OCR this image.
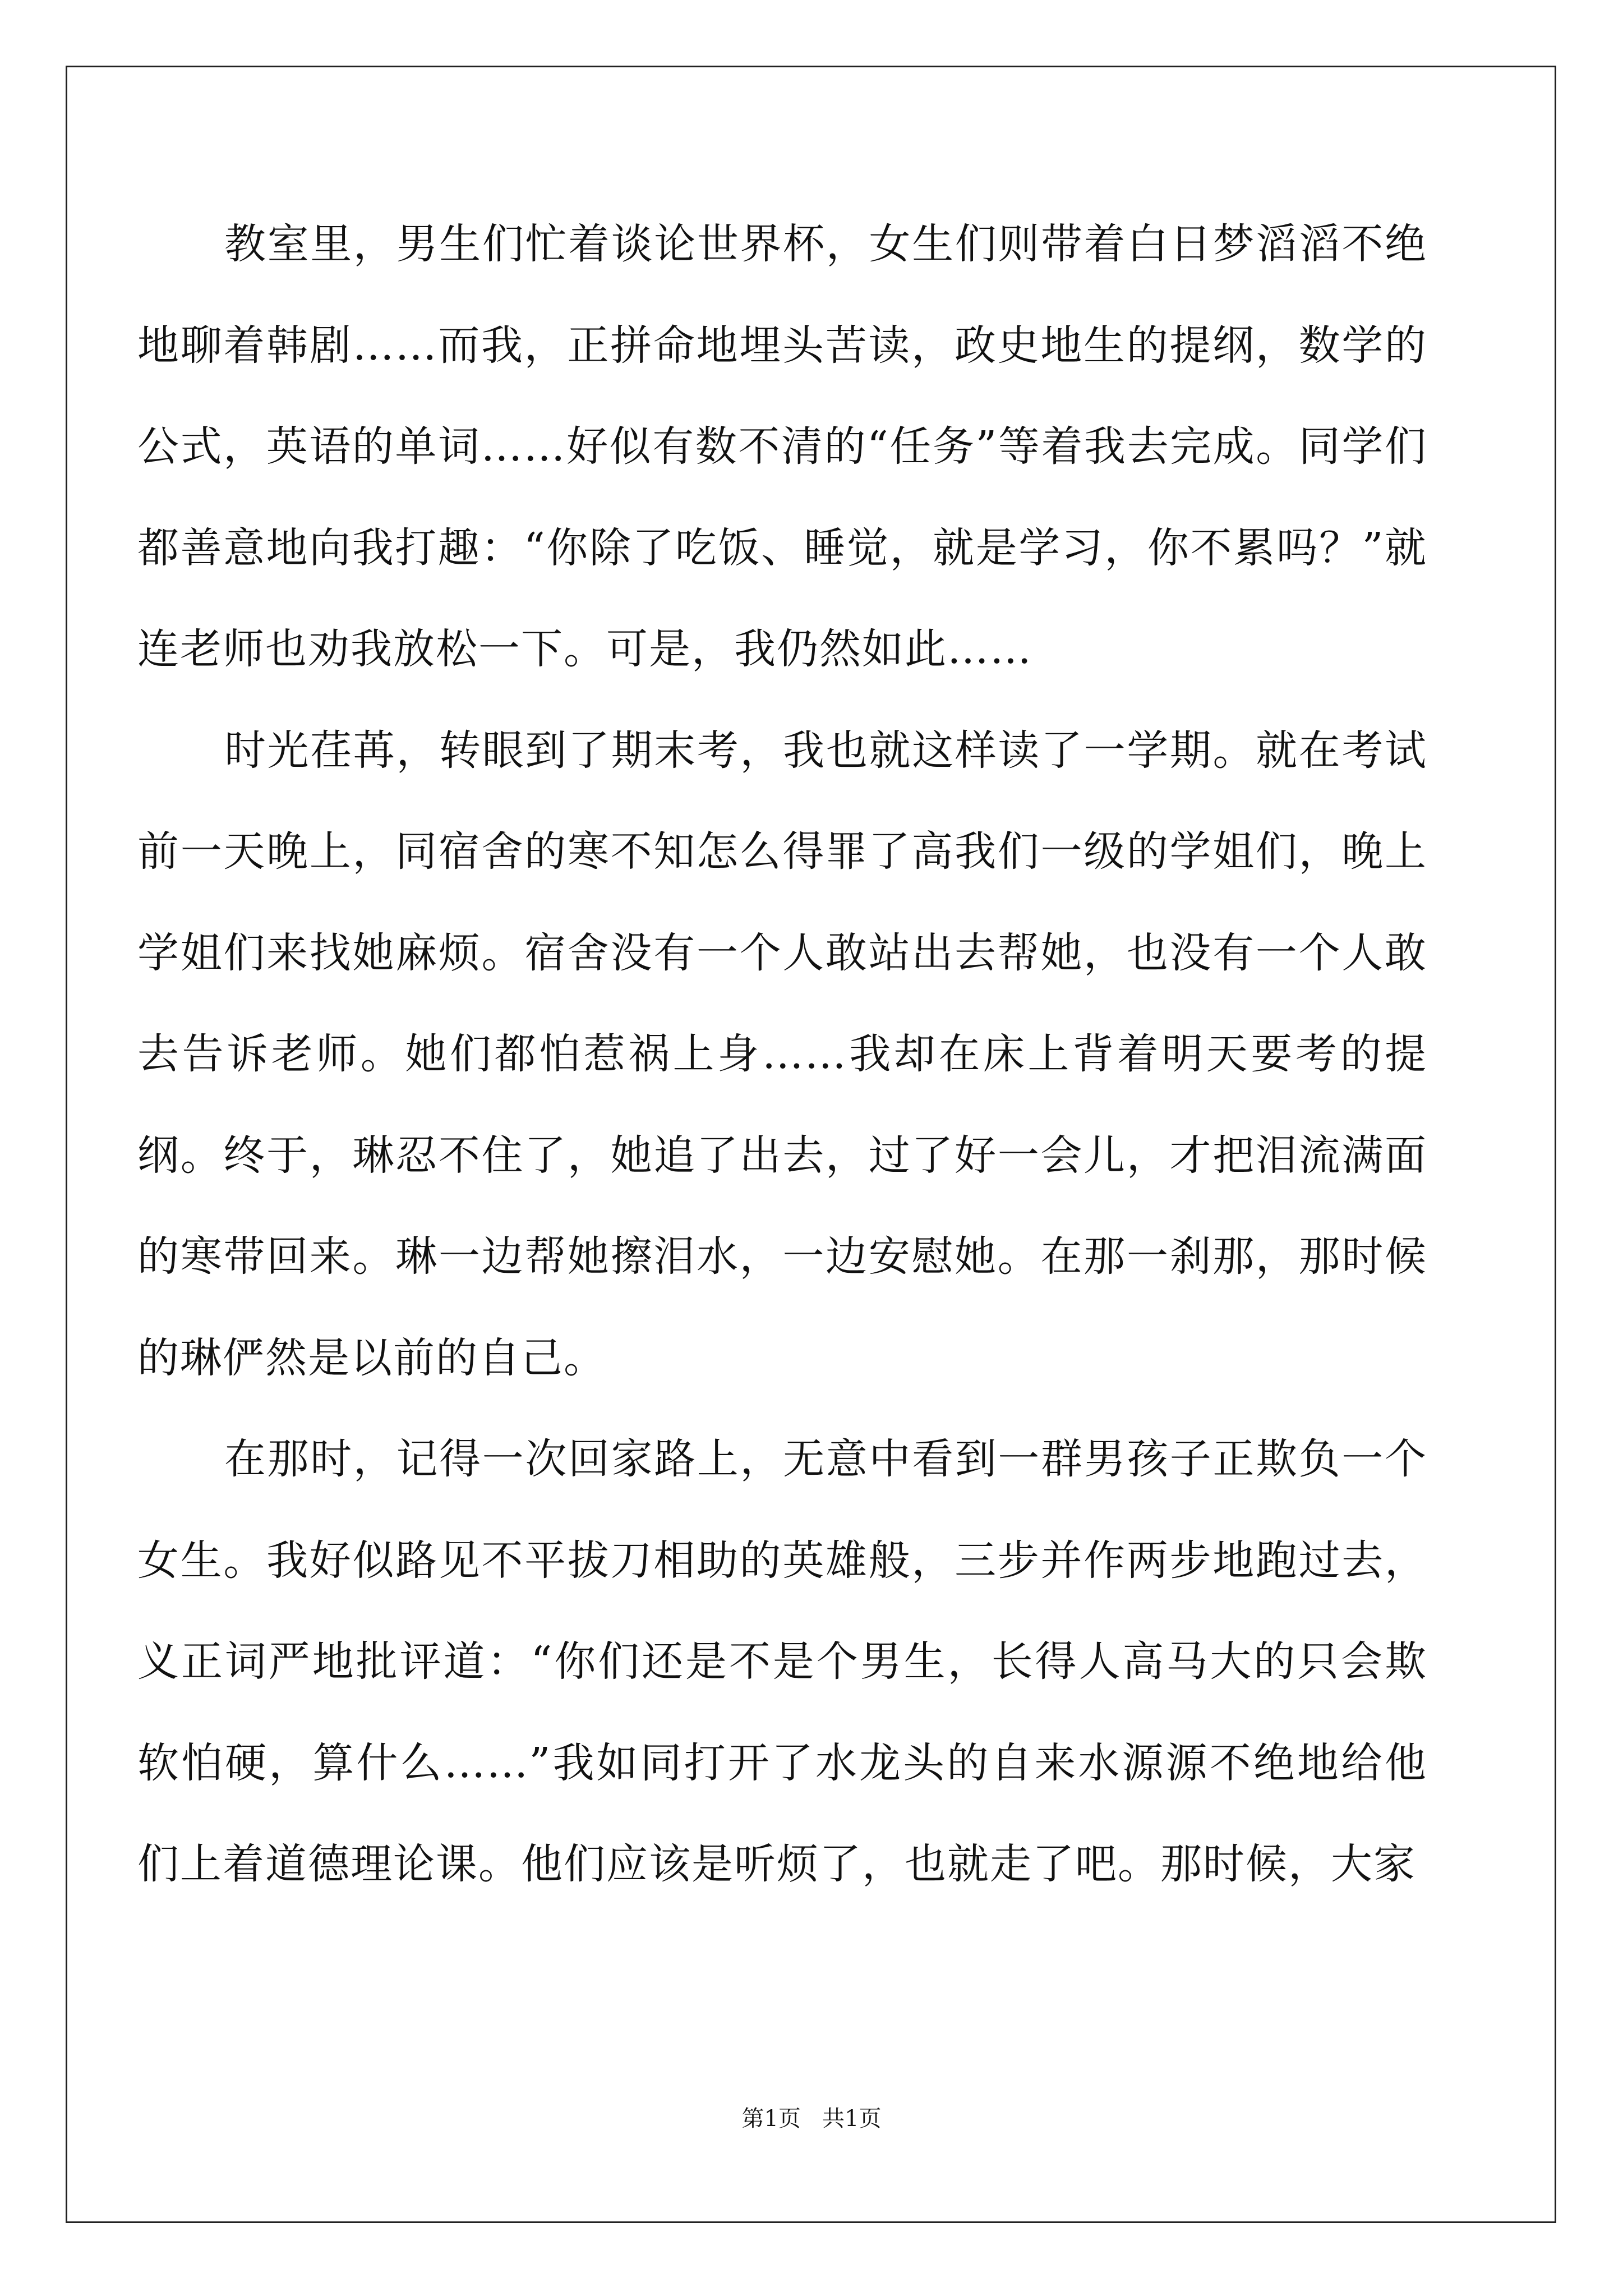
教室里，男生们忙着谈论世界杯，女生们则带着白日梦滔滔不绝地聊着韩剧……而我，正拼命地埋头苦读，政史地生的提纲，数学的公式，英语的单词……好似有数不清的“任务”等着我去完成。同学们都善意地向我打趣：“你除了吃饭、睡觉，就是学习，你不累吗？”就连老师也劝我放松一下。可是，我仍然如此……

时光荏苒，转眼到了期末考，我也就这样读了一学期。就在考试前一天晚上，同宿舍的寒不知怎么得罪了高我们一级的学姐们，晚上学姐们来找她麻烦。宿舍没有一个人敢站出去帮她，也没有一个人敢去告诉老师。她们都怕惹祸上身……我却在床上背着明天要考的提纲。终于，琳忍不住了，她追了出去，过了好一会儿，才把泪流满面的寒带回来。琳一边帮她擦泪水，一边安慰她。在那一刹那，那时候的琳俨然是以前的自己。

在那时，记得一次回家路上，无意中看到一群男孩子正欺负一个女生。我好似路见不平拔刀相助的英雄般，三步并作两步地跑过去，义正词严地批评道：“你们还是不是个男生，长得人高马大的只会欺软怕硬，算什么……”我如同打开了水龙头的自来水源源不绝地给他们上着道德理论课。他们应该是听烦了，也就走了吧。那时候，大家

第1页   共1页
